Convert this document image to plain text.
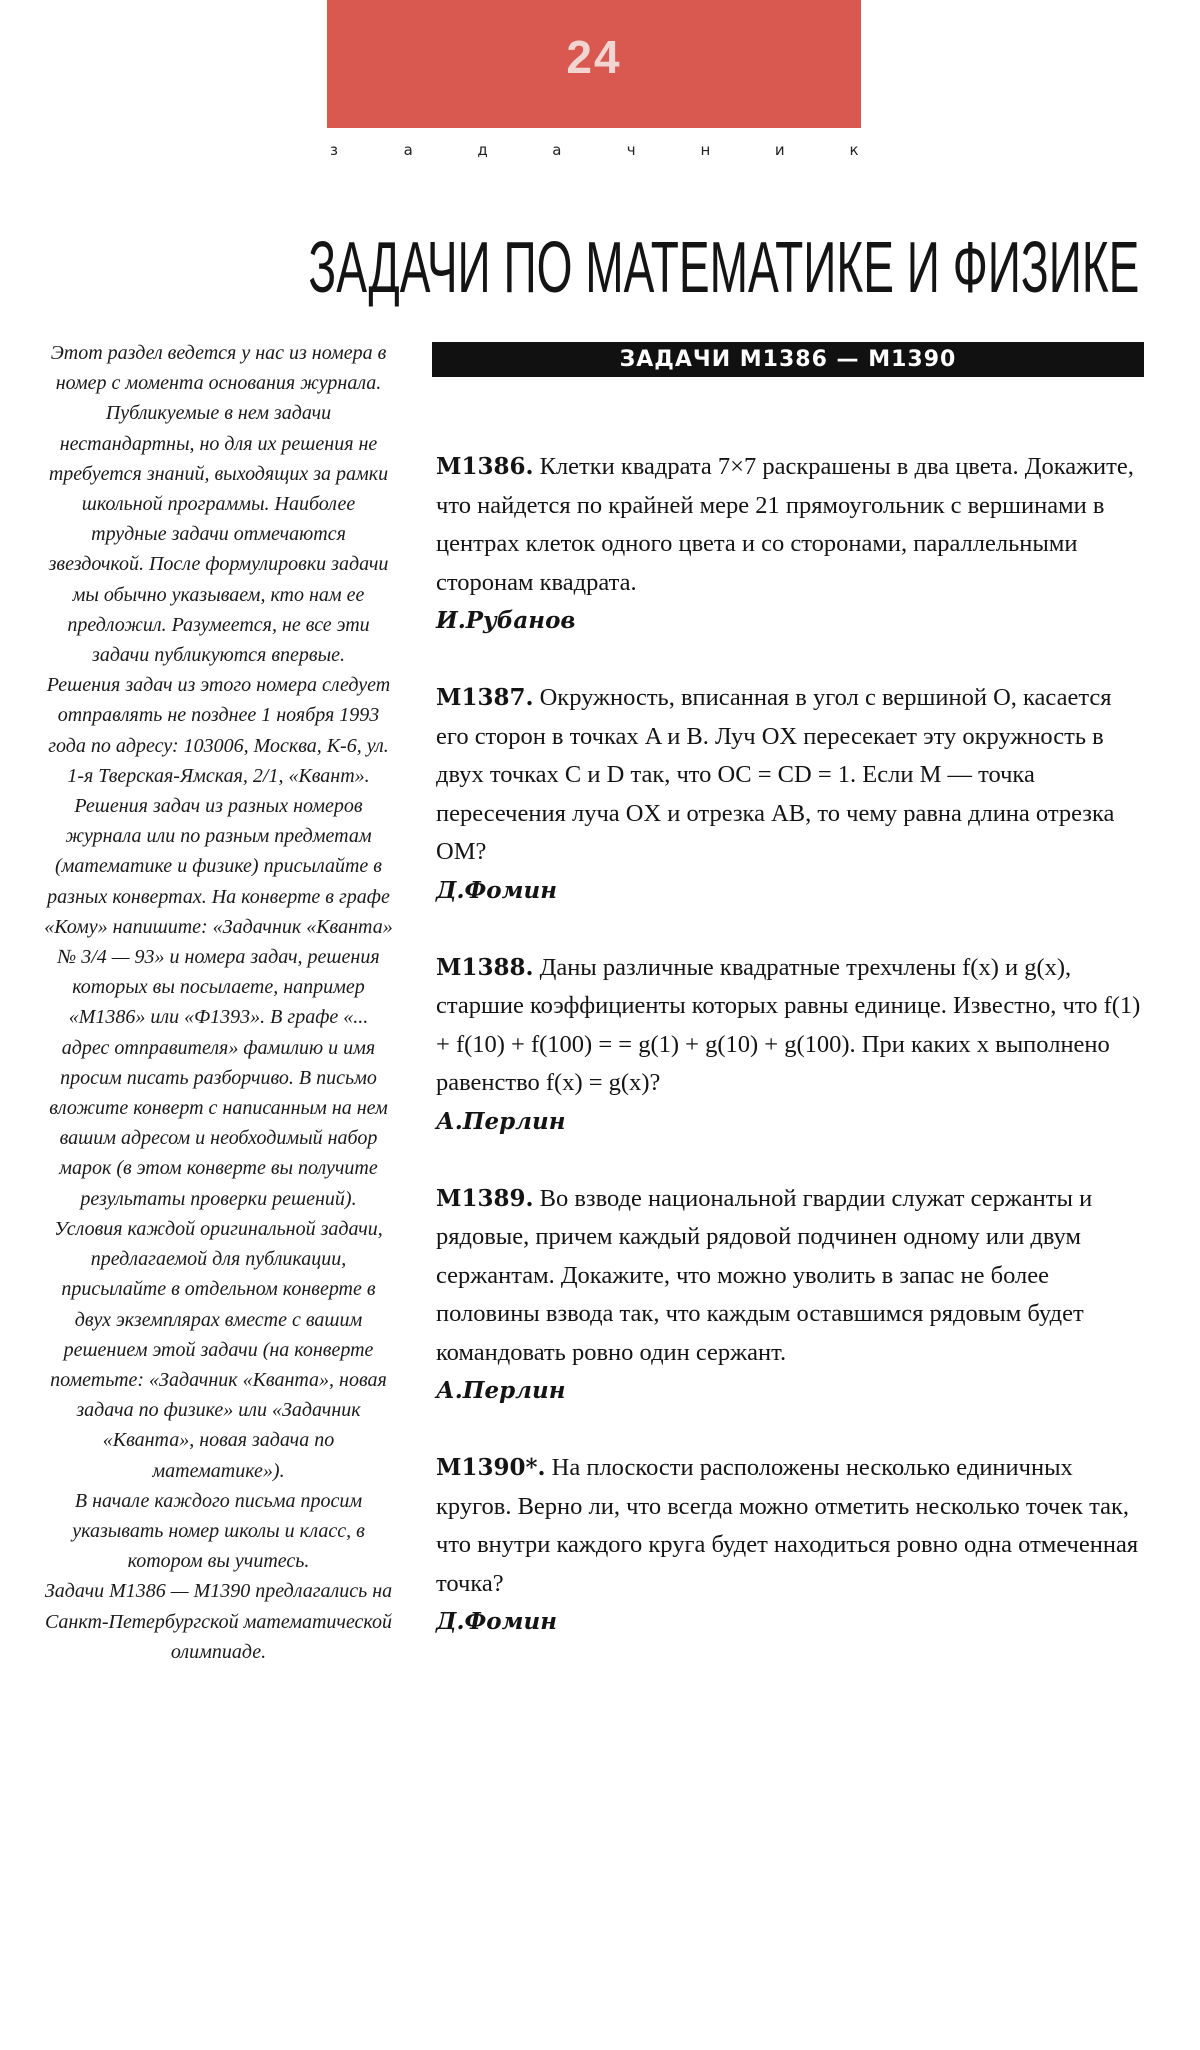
24
з	а	д	а	ч	н	и	к
ЗАДАЧИ ПО МАТЕМАТИКЕ И ФИЗИКЕ

Этот раздел ведется у нас из номера в номер с момента основания журнала. Публикуемые в нем задачи нестандартны, но для их решения не требуется знаний, выходящих за рамки школьной программы. Наиболее трудные задачи отмечаются звездочкой. После формулировки задачи мы обычно указываем, кто нам ее предложил. Разумеется, не все эти задачи публикуются впервые.

Решения задач из этого номера следует отправлять не позднее 1 ноября 1993 года по адресу: 103006, Москва, К-6, ул. 1-я Тверская-Ямская, 2/1, «Квант». Решения задач из разных номеров журнала или по разным предметам (математике и физике) присылайте в разных конвертах. На конверте в графе «Кому» напишите: «Задачник «Кванта» № 3/4 — 93» и номера задач, решения которых вы посылаете, например «М1386» или «Ф1393». В графе «... адрес отправителя» фамилию и имя просим писать разборчиво. В письмо вложите конверт с написанным на нем вашим адресом и необходимый набор марок (в этом конверте вы получите результаты проверки решений).

Условия каждой оригинальной задачи, предлагаемой для публикации, присылайте в отдельном конверте в двух экземплярах вместе с вашим решением этой задачи (на конверте пометьте: «Задачник «Кванта», новая задача по физике» или «Задачник «Кванта», новая задача по математике»).

В начале каждого письма просим указывать номер школы и класс, в котором вы учитесь.

Задачи М1386 — М1390 предлагались на Санкт-Петербургской математической олимпиаде.

ЗАДАЧИ М1386 — М1390

М1386. Клетки квадрата 7×7 раскрашены в два цвета. Докажите, что найдется по крайней мере 21 прямоугольник с вершинами в центрах клеток одного цвета и со сторонами, параллельными сторонам квадрата.

И.Рубанов

М1387. Окружность, вписанная в угол с вершиной O, касается его сторон в точках A и B. Луч OX пересекает эту окружность в двух точках C и D так, что OC = CD = 1. Если M — точка пересечения луча OX и отрезка AB, то чему равна длина отрезка OM?

Д.Фомин

М1388. Даны различные квадратные трехчлены f(x) и g(x), старшие коэффициенты которых равны единице. Известно, что f(1) + f(10) + f(100) = = g(1) + g(10) + g(100). При каких x выполнено равенство f(x) = g(x)?

А.Перлин

М1389. Во взводе национальной гвардии служат сержанты и рядовые, причем каждый рядовой подчинен одному или двум сержантам. Докажите, что можно уволить в запас не более половины взвода так, что каждым оставшимся рядовым будет командовать ровно один сержант.

А.Перлин

М1390*. На плоскости расположены несколько единичных кругов. Верно ли, что всегда можно отметить несколько точек так, что внутри каждого круга будет находиться ровно одна отмеченная точка?

Д.Фомин
